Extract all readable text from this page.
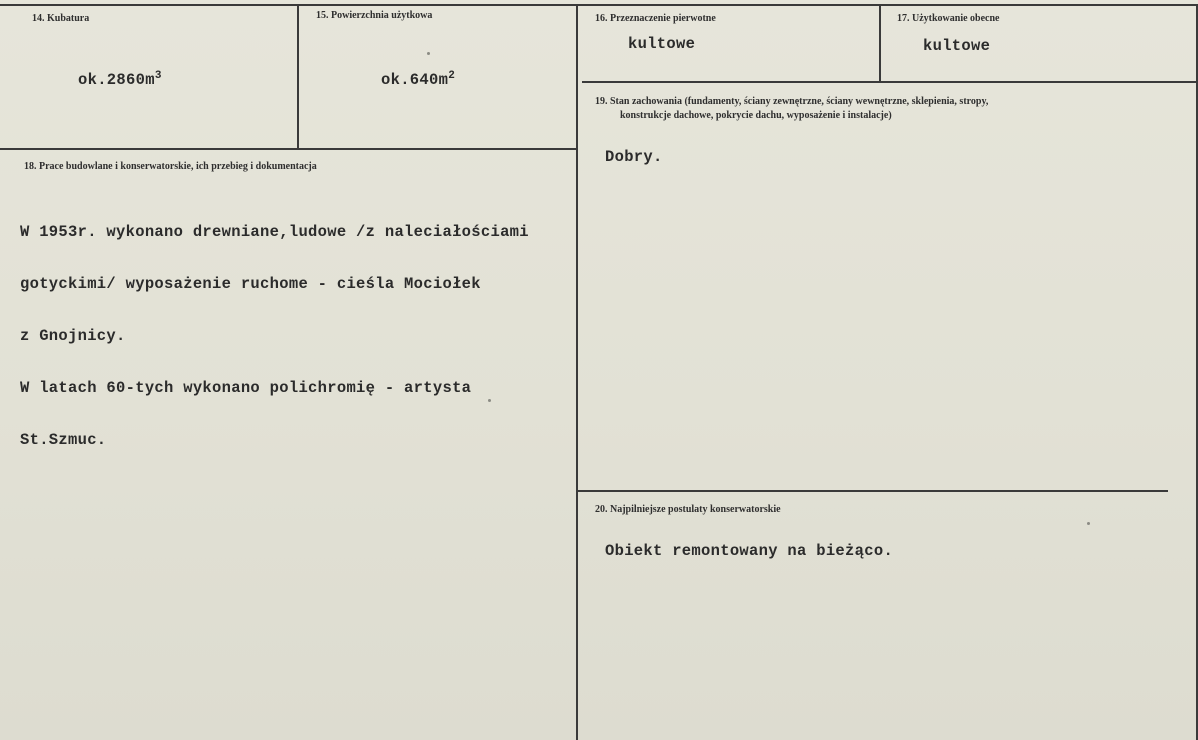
14. Kubatura
$ok.2860m^3$
15. Powierzchnia użytkowa
$ok.640m^2$
16. Przeznaczenie pierwotne
kultowe
17. Użytkowanie obecne
kultowe
18. Prace budowlane i konserwatorskie, ich przebieg i dokumentacja

W 1953r. wykonano drewniane,ludowe /z naleciałościami

gotyckimi/ wyposażenie ruchome - cieśla Mociołek

z Gnojnicy.

W latach 60-tych wykonano polichromię - artysta

St.Szmuc.

19. Stan zachowania (fundamenty, ściany zewnętrzne, ściany wewnętrzne, sklepienia, stropy,
konstrukcje dachowe, pokrycie dachu, wyposażenie i instalacje)
Dobry.
20. Najpilniejsze postulaty konserwatorskie
Obiekt remontowany na bieżąco.
